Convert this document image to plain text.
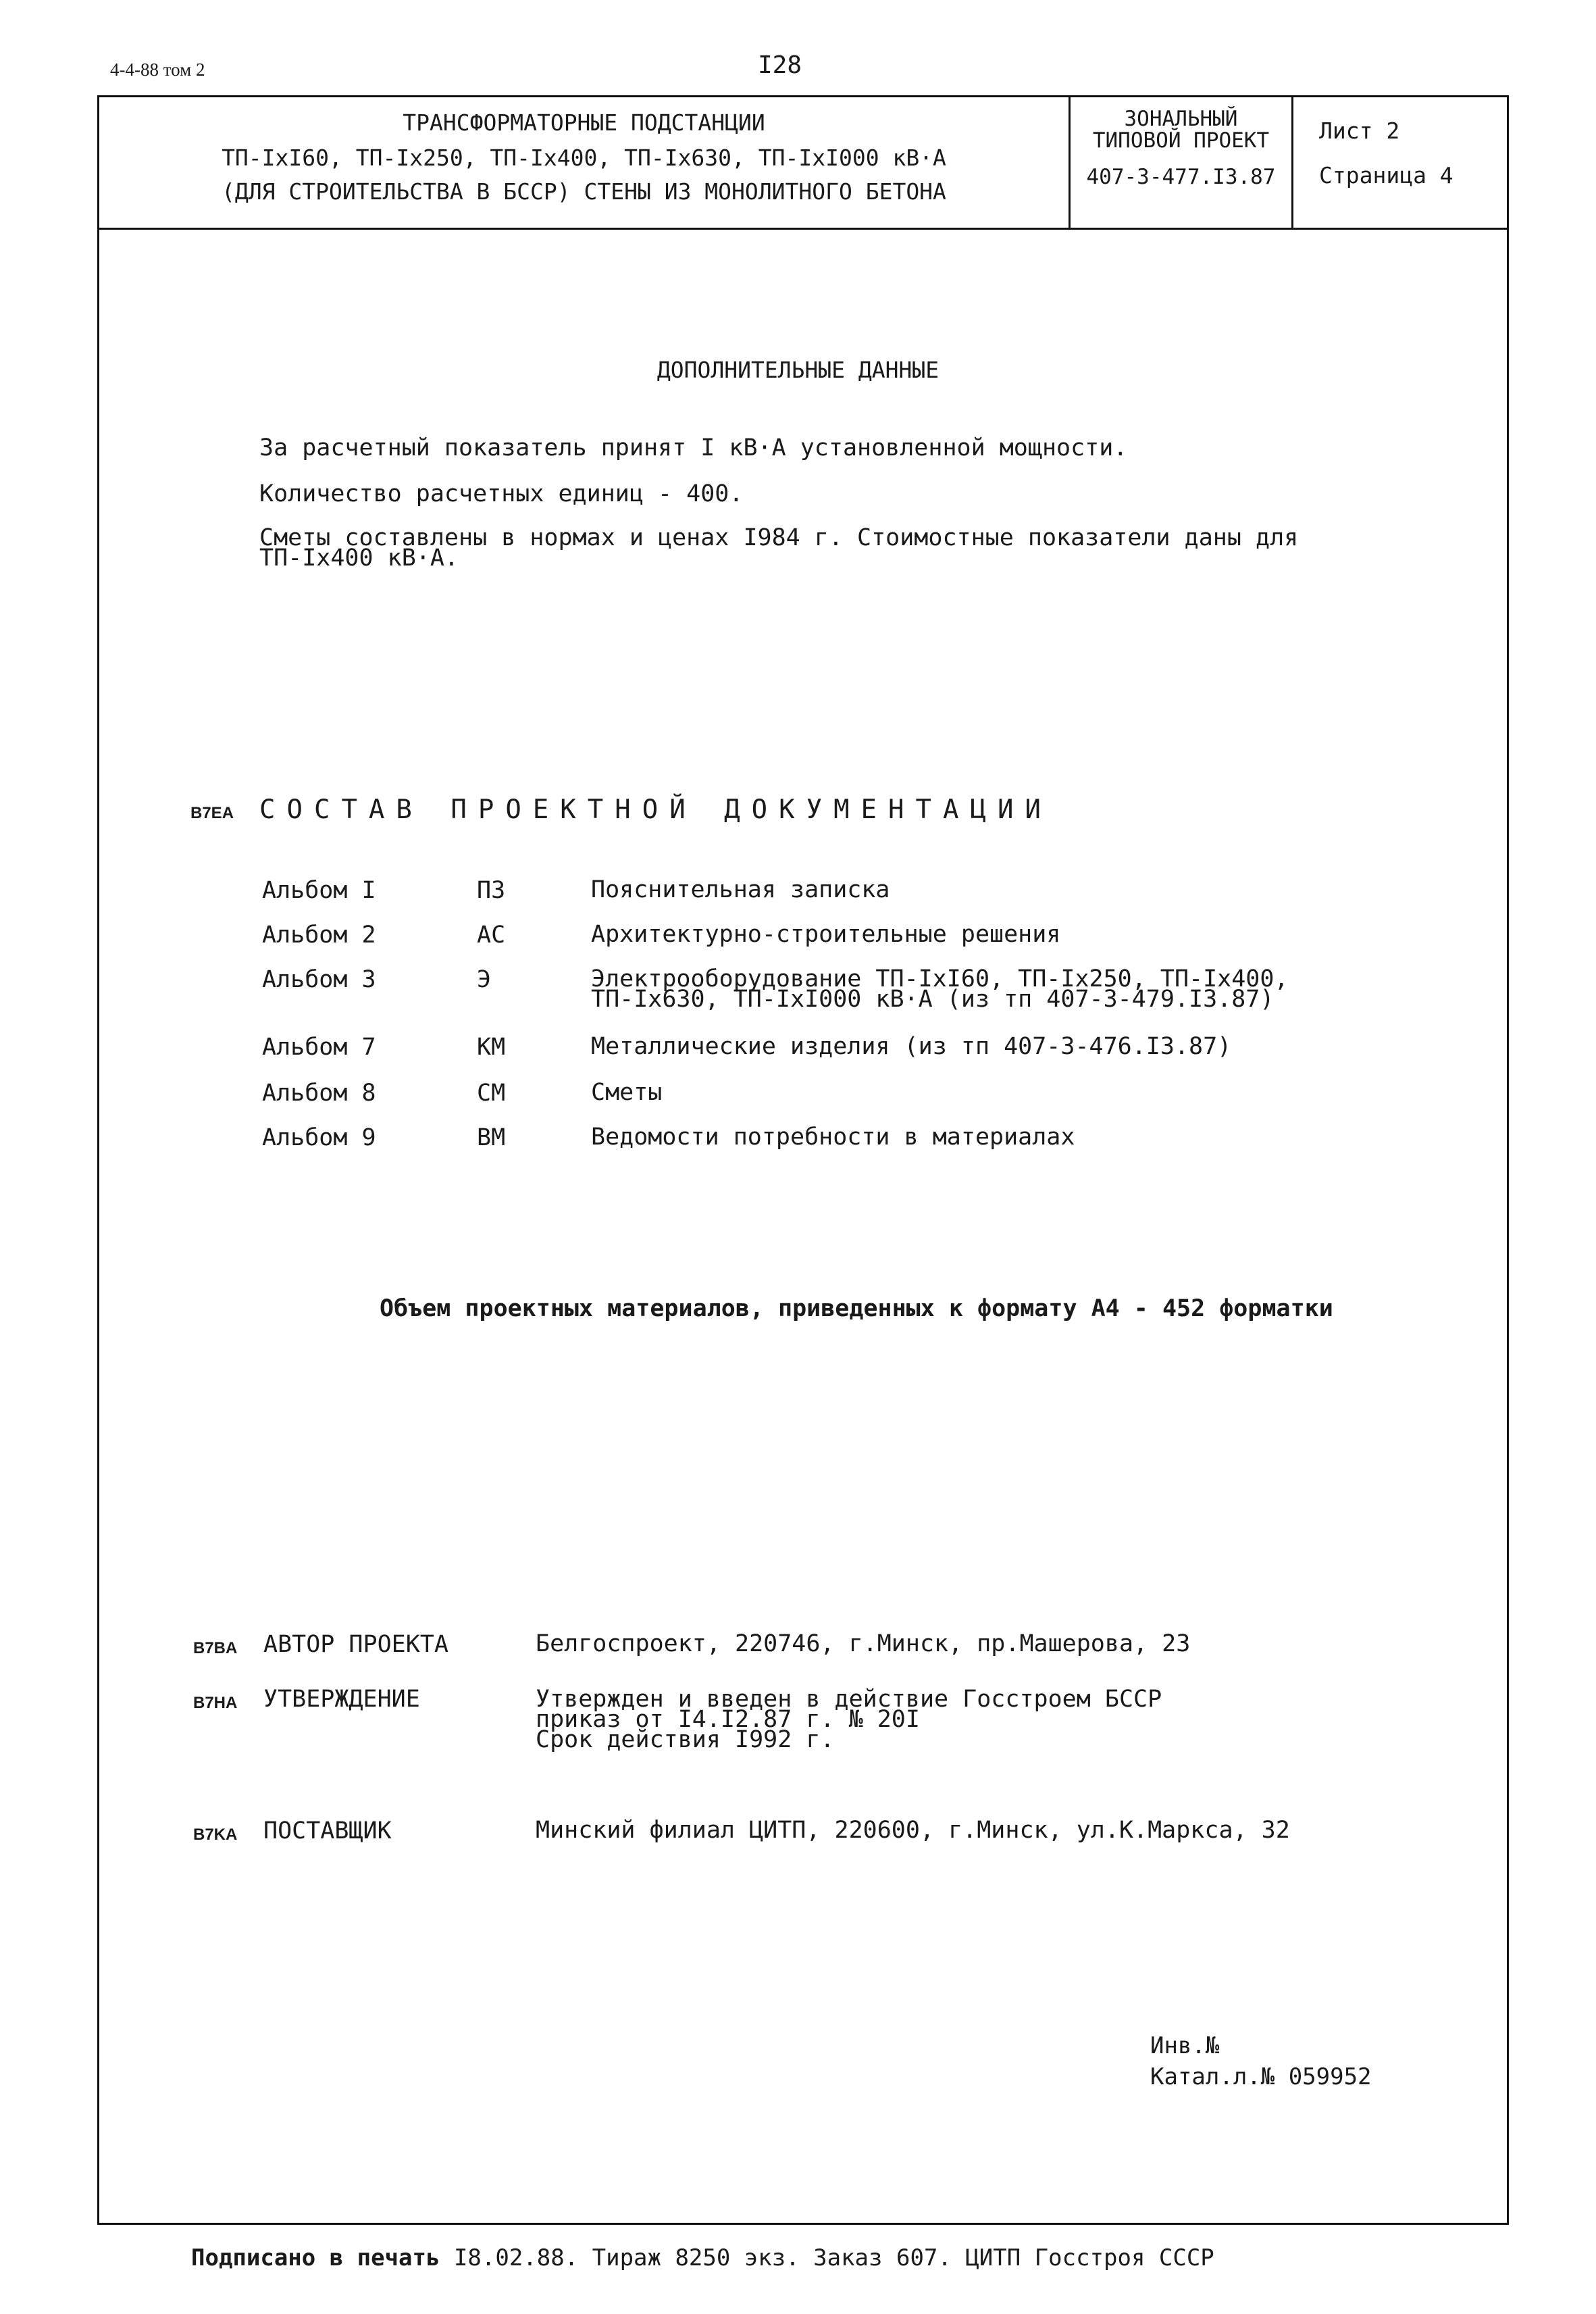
4-4-88 том 2	I28
ТРАНСФОРМАТОРНЫЕ ПОДСТАНЦИИ
ТП-IхI60, ТП-Iх250, ТП-Iх400, ТП-Iх630, ТП-IхI000 кВ·А
(ДЛЯ СТРОИТЕЛЬСТВА В БССР) СТЕНЫ ИЗ МОНОЛИТНОГО БЕТОНА
ЗОНАЛЬНЫЙ
ТИПОВОЙ ПРОЕКТ
407-3-477.I3.87
Лист 2
Страница 4
ДОПОЛНИТЕЛЬНЫЕ ДАННЫЕ
За расчетный показатель принят I кВ·А установленной мощности.
Количество расчетных единиц - 400.
Сметы составлены в нормах и ценах I984 г. Стоимостные показатели даны для
ТП-Iх400 кВ·А.
B7EA СОСТАВ ПРОЕКТНОЙ ДОКУМЕНТАЦИИ
Альбом I	ПЗ	Пояснительная записка
Альбом 2	АС	Архитектурно-строительные решения
Альбом 3	Э	Электрооборудование ТП-IхI60, ТП-Iх250, ТП-Iх400,
ТП-Iх630, ТП-IхI000 кВ·А (из тп 407-3-479.I3.87)
Альбом 7	КМ	Металлические изделия (из тп 407-3-476.I3.87)
Альбом 8	СМ	Сметы
Альбом 9	ВМ	Ведомости потребности в материалах
Объем проектных материалов, приведенных к формату А4 - 452 форматки
B7BA АВТОР ПРОЕКТА	Белгоспроект, 220746, г.Минск, пр.Машерова, 23
B7HA УТВЕРЖДЕНИЕ	Утвержден и введен в действие Госстроем БССР
приказ от I4.I2.87 г. № 20I
Срок действия I992 г.
B7KA ПОСТАВЩИК	Минский филиал ЦИТП, 220600, г.Минск, ул.К.Маркса, 32
Инв.№
Катал.л.№ 059952
Подписано в печать I8.02.88. Тираж 8250 экз. Заказ 607. ЦИТП Госстроя СССР
